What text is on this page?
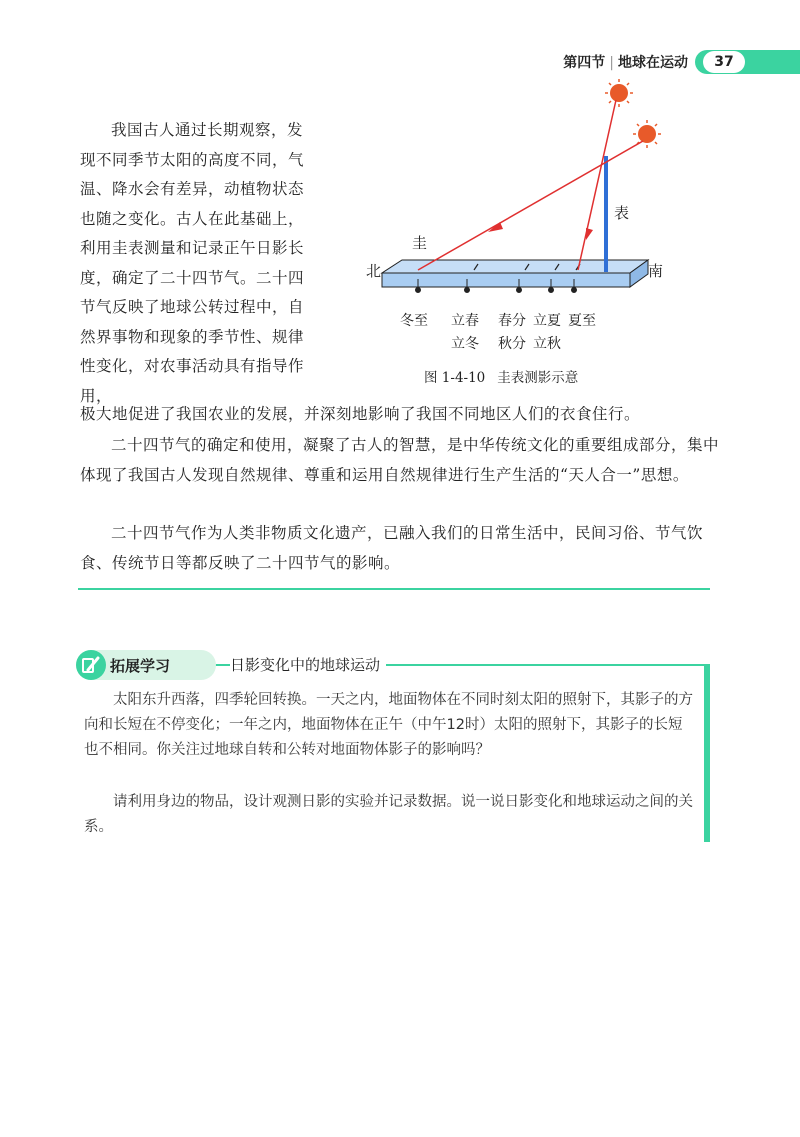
第四节 | 地球在运动	37

我国古人通过长期观察，发现不同季节太阳的高度不同，气温、降水会有差异，动植物状态也随之变化。古人在此基础上，利用圭表测量和记录正午日影长度，确定了二十四节气。二十四节气反映了地球公转过程中，自然界事物和现象的季节性、规律性变化，对农事活动具有指导作用，

圭
表
北	南
冬至 立春 春分 立夏 夏至
立冬 秋分 立秋
图 1-4-10 圭表测影示意

极大地促进了我国农业的发展，并深刻地影响了我国不同地区人们的衣食住行。

二十四节气的确定和使用，凝聚了古人的智慧，是中华传统文化的重要组成部分，集中体现了我国古人发现自然规律、尊重和运用自然规律进行生产生活的“天人合一”思想。

二十四节气作为人类非物质文化遗产，已融入我们的日常生活中，民间习俗、节气饮食、传统节日等都反映了二十四节气的影响。

拓展学习	日影变化中的地球运动

太阳东升西落，四季轮回转换。一天之内，地面物体在不同时刻太阳的照射下，其影子的方向和长短在不停变化；一年之内，地面物体在正午（中午12时）太阳的照射下，其影子的长短也不相同。你关注过地球自转和公转对地面物体影子的影响吗？

请利用身边的物品，设计观测日影的实验并记录数据。说一说日影变化和地球运动之间的关系。
